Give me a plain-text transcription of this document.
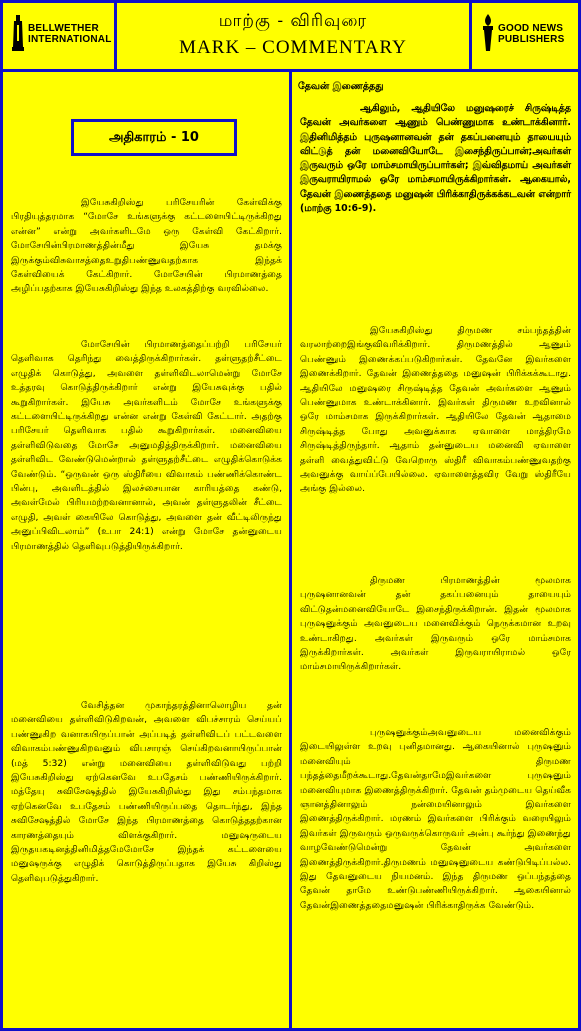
BELLWETHER
INTERNATIONAL
மாற்கு - விரிவுரை
MARK – COMMENTARY
GOOD NEWS
PUBLISHERS
அதிகாரம் - 10

இயேசுகிறிஸ்து பரிசேயரின் கேள்விக்கு பிரதியுத்தரமாக “மோசே உங்களுக்கு கட்டளையிட்டிருக்கிறது என்ன” என்று அவர்களிடமே ஒரு கேள்வி கேட்கிறார். மோசேயின்பிரமாணத்தின்மீது இயேசு தமக்கு இருக்கும்விசுவாசத்தைஉறுதிபண்ணுவதற்காக இந்தக் கேள்வியைக் கேட்கிறார். மோசேயின் பிரமாணத்தை அழிப்பதற்காக இயேசுகிறிஸ்து இந்த உலகத்திற்கு வரவில்லை.

மோசேயின் பிரமாணத்தைப்பற்றி பரிசேயர் தெளிவாக தெரிந்து வைத்திருக்கிறார்கள். தள்ளுதற்சீட்டை எழுதிக் கொடுத்து, அவளை தள்ளிவிடலாமென்று மோசே உத்தரவு கொடுத்திருக்கிறார் என்று இயேசுவுக்கு பதில் கூறுகிறார்கள். இயேசு அவர்களிடம் மோசே உங்களுக்கு கட்டளையிட்டிருக்கிறது என்ன என்று கேள்வி கேட்டார். அதற்கு பரிசேயர் தெளிவாக பதில் கூறுகிறார்கள். மனைவியை தள்ளிவிடுவதை மோசே அனுமதித்திருக்கிறார். மனைவியை தள்ளிவிட வேண்டுமென்றால் தள்ளுதற்சீட்டை எழுதிக்கொடுக்க வேண்டும். “ஒருவன் ஒரு ஸ்திரீயை விவாகம் பண்ணிக்கொண்ட பின்பு, அவளிடத்தில் இலச்சையான காரியத்தை கண்டு, அவள்மேல் பிரியமற்றவனானால், அவன் தள்ளுதலின் சீட்டை எழுதி, அவள் கையிலே கொடுத்து, அவளை தன் வீட்டிலிருந்து அனுப்பிவிடலாம்” (உபா 24:1) என்று மோசே தன்னுடைய பிரமாணத்தில் தெளிவுபடுத்தியிருக்கிறார்.

வேசித்தன முகாந்தரத்தினாலொழிய தன் மனைவியை தள்ளிவிடுகிறவன், அவளை விபச்சாரம் செய்யப் பண்ணுகிற வனாகயிருப்பான் அப்படித் தள்ளிவிடப் பட்டவளை விவாகம்பண்ணுகிறவனும் விபசாரஞ் செய்கிறவனாயிருப்பான் (மத் 5:32) என்று மனைவியை தள்ளிவிடுவது பற்றி இயேசுகிறிஸ்து ஏற்கெனவே உபதேசம் பண்ணியிருக்கிறார். மத்தேயு சுவிசேஷத்தில் இயேசுகிறிஸ்து இது சம்பந்தமாக ஏற்கெனவே உபதேசம் பண்ணியிருப்பதை தொடர்ந்து, இந்த சுவிசேஷத்தில் மோசே இந்த பிரமாணத்தை கொடுத்ததற்கான காரணத்தையும் விளக்குகிறார். மனுஷருடைய இருதயகடினத்தினிமித்தமேமோசே இந்தக் கட்டளையை மனுஷருக்கு எழுதிக் கொடுத்திருப்பதாக இயேசு கிறிஸ்து தெளிவுபடுத்துகிறார்.

தேவன் இணைத்தது

ஆகிலும், ஆதியிலே மனுஷரைச் சிருஷ்டித்த தேவன் அவர்களை ஆணும் பெண்ணுமாக உண்டாக்கினார். இதினிமித்தம் புருஷனானவன் தன் தகப்பனையும் தாயையும் விட்டுத் தன் மனைவியோடே இசைந்திருப்பான்;அவர்கள் இருவரும் ஒரே மாம்சமாயிருப்பார்கள்; இவ்விதமாய் அவர்கள் இருவராயிராமல் ஒரே மாம்சமாயிருக்கிறார்கள். ஆகையால், தேவன் இணைத்ததை மனுஷன் பிரிக்காதிருக்கக்கடவன் என்றார் (மாற்கு 10:6-9).

இயேசுகிறிஸ்து திருமண சம்பந்தத்தின் வரலாற்றைஇங்குவிவரிக்கிறார். திருமணத்தில் ஆணும் பெண்ணும் இணைக்கப்படுகிறார்கள். தேவனே இவர்களை இணைக்கிறார். தேவன் இணைத்ததை மனுஷன் பிரிக்கக்கூடாது. ஆதியிலே மனுஷரை சிருஷ்டித்த தேவன் அவர்களை ஆணும் பெண்ணுமாக உண்டாக்கினார். இவர்கள் திருமண உறவினால் ஒரே மாம்சமாக இருக்கிறார்கள். ஆதியிலே தேவன் ஆதாமை சிருஷ்டித்த போது அவனுக்காக ஏவாளை மாத்திரமே சிருஷ்டித்திருந்தார். ஆதாம் தன்னுடைய மனைவி ஏவாளை தள்ளி வைத்துவிட்டு வேறொரு ஸ்திரீ விவாகம்பண்ணுவதற்கு அவனுக்கு வாய்ப்பேயில்லை. ஏவாளைத்தவிர வேறு ஸ்திரீயே அங்கு இல்லை.

திருமண பிரமாணத்தின் மூலமாக புருஷனானவன் தன் தகப்பனையும் தாயையும் விட்டுதன்மனைவியோடே இசைந்திருக்கிறான். இதன் மூலமாக புருஷனுக்கும் அவனுடைய மனைவிக்கும் நெருக்கமான உறவு உண்டாகிறது. அவர்கள் இருவரும் ஒரே மாம்சமாக இருக்கிறார்கள். அவர்கள் இருவராயிராமல் ஒரே மாம்சமாயிருக்கிறார்கள்.

புருஷனுக்கும்அவனுடைய மனைவிக்கும் இடையிலுள்ள உறவு புனிதமானது. ஆகையினால் புருஷனும் மனைவியும் திருமண பந்தத்தைமீறக்கூடாது.தேவன்தாமேஇவர்களை புருஷனும் மனைவியுமாக இணைத்திருக்கிறார். தேவன் தம்முடைய தெய்வீக ஞானத்தினாலும் நன்மையினாலும் இவர்களை இணைத்திருக்கிறார். மரணம் இவர்களை பிரிக்கும் வரையிலும் இவர்கள் இருவரும் ஒருவருக்கொருவர் அன்பு கூர்ந்து இணைந்து வாழவேண்டுமென்று தேவன் அவர்களை இணைத்திருக்கிறார்.திருமணம் மனுஷனுடைய கண்டுபிடிப்பல்ல. இது தேவனுடைய நியமனம். இந்த திருமண ஒப்பந்தத்தை தேவன் தாமே உண்டுபண்ணியிருக்கிறார். ஆகையினால் தேவன்இணைத்ததைமனுஷன் பிரிக்காதிருக்க வேண்டும்.
